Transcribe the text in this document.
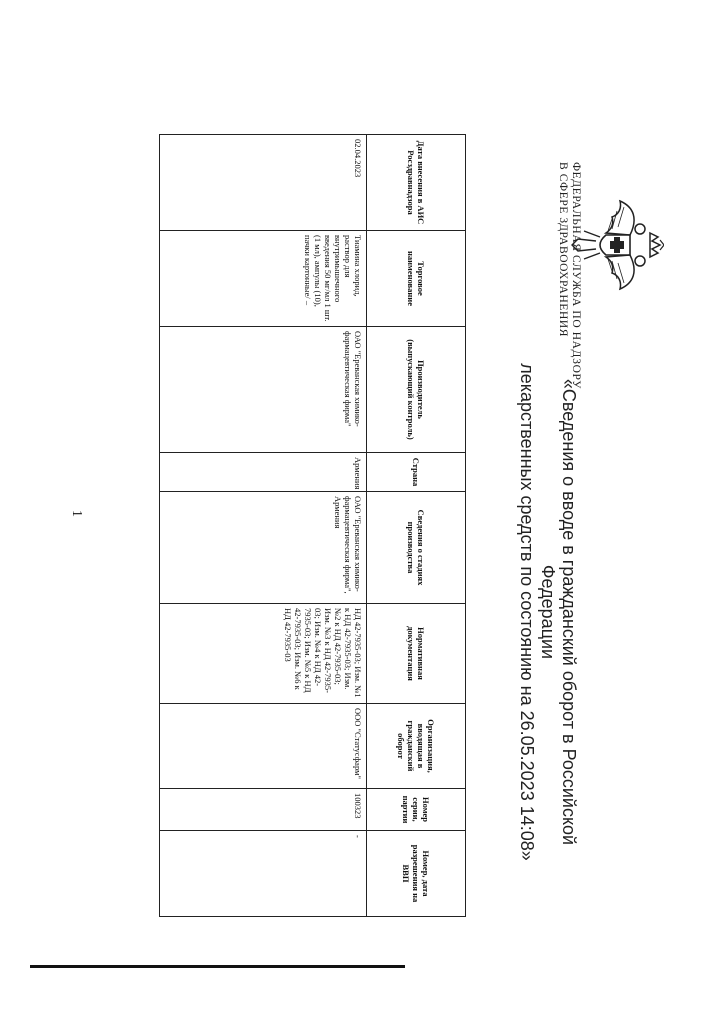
ФЕДЕРАЛЬНАЯ СЛУЖБА ПО НАДЗОРУ
В СФЕРЕ ЗДРАВООХРАНЕНИЯ
«Сведения о вводе в гражданский оборот в Российской Федерации
лекарственных средств по состоянию на 26.05.2023 14:08»
Дата внесения в АИС Росздравнадзора	Торговое наименование	Производитель (выпускающий контроль)	Страна	Сведения о стадиях производства	Нормативная документация	Организация, вводящая в гражданский оборот	Номер серии, партии	Номер, дата разрешения на ВВП
02.04.2023	Тиамина хлорид, раствор для внутримышечного введения 50 мг/мл 1 шт. (1 мл), ампулы (10), пачки картонные/ –	ОАО "Ереванская химико-фармацевтическая фирма"	Армения	ОАО "Ереванская химико-фармацевтическая фирма", Армения	НД 42-7935-03; Изм. №1 к НД 42-7935-03; Изм. №2 к НД 42-7935-03; Изм. №3 к НД 42-7935-03; Изм. №4 к НД 42-7935-03; Изм. №5 к НД 42-7935-03; Изм. №6 к НД 42-7935-03	ООО "Статусфарм"	100323	-
1
